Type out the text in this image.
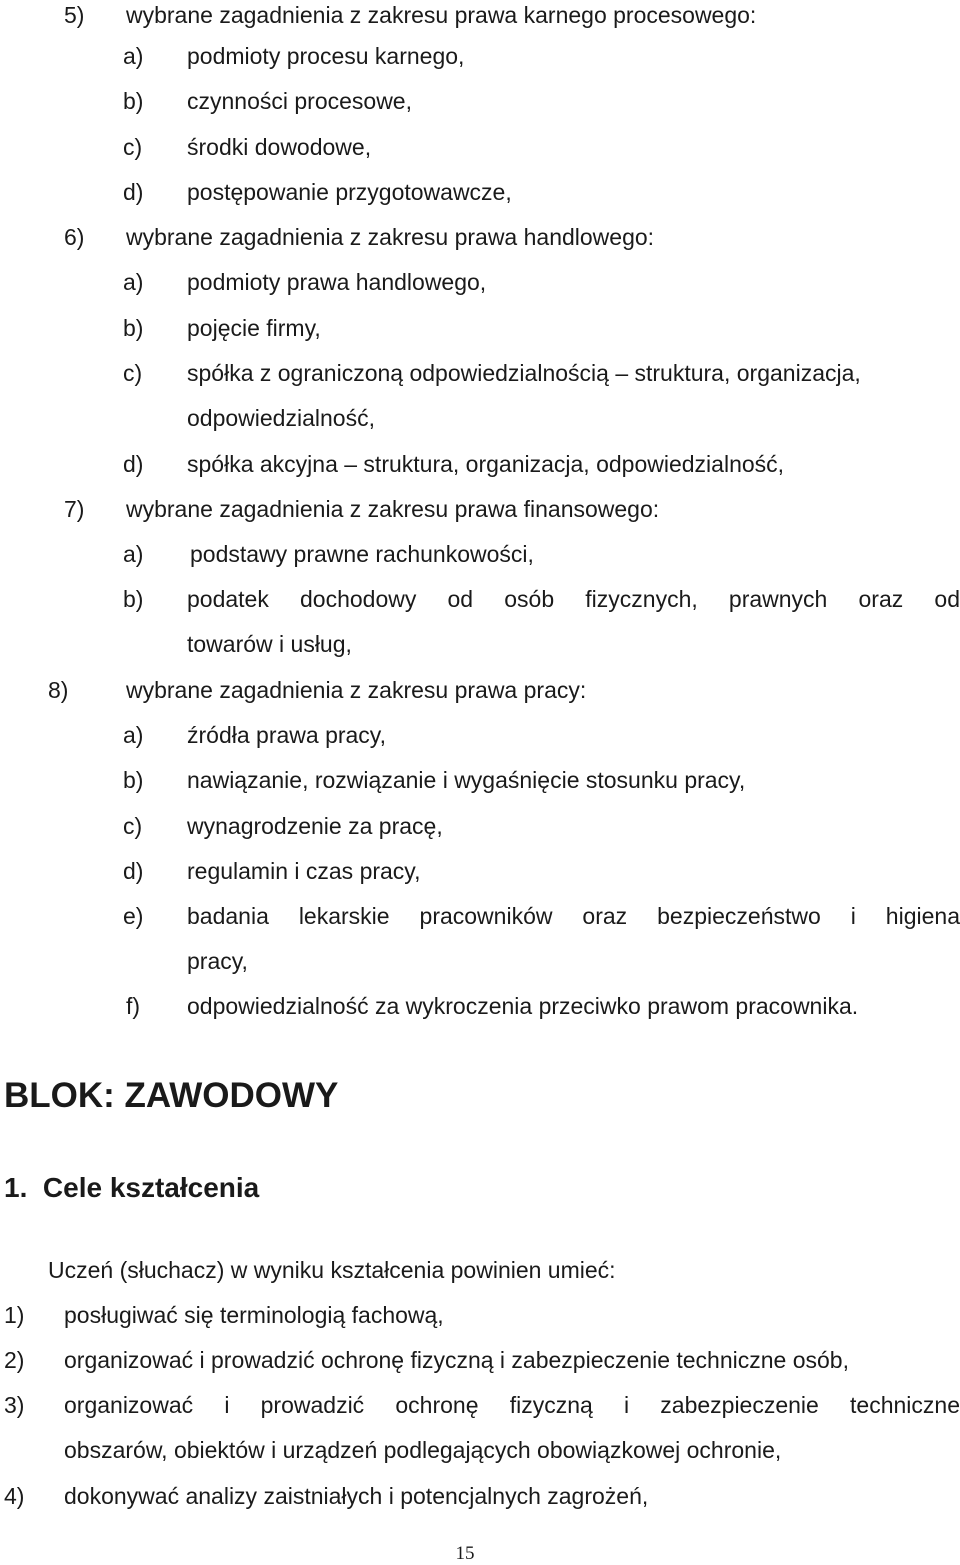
5) wybrane zagadnienia z zakresu prawa karnego procesowego:
a) podmioty procesu karnego,
b) czynności procesowe,
c) środki dowodowe,
d) postępowanie przygotowawcze,
6) wybrane zagadnienia z zakresu prawa handlowego:
a) podmioty prawa handlowego,
b) pojęcie firmy,
c) spółka z ograniczoną odpowiedzialnością – struktura, organizacja,
odpowiedzialność,
d) spółka akcyjna – struktura, organizacja, odpowiedzialność,
7) wybrane zagadnienia z zakresu prawa finansowego:
a) podstawy prawne rachunkowości,
b) podatek dochodowy od osób fizycznych, prawnych oraz od
towarów i usług,
8)	wybrane zagadnienia z zakresu prawa pracy:
a) źródła prawa pracy,
b) nawiązanie, rozwiązanie i wygaśnięcie stosunku pracy,
c) wynagrodzenie za pracę,
d) regulamin i czas pracy,
e) badania lekarskie pracowników oraz bezpieczeństwo i higiena
pracy,
f) odpowiedzialność za wykroczenia przeciwko prawom pracownika.
BLOK: ZAWODOWY
1.  Cele kształcenia
Uczeń (słuchacz) w wyniku kształcenia powinien umieć:
1) posługiwać się terminologią fachową,
2) organizować i prowadzić ochronę fizyczną i zabezpieczenie techniczne osób,
3) organizować i prowadzić ochronę fizyczną i zabezpieczenie techniczne
obszarów, obiektów i urządzeń podlegających obowiązkowej ochronie,
4) dokonywać analizy zaistniałych i potencjalnych zagrożeń,
15
